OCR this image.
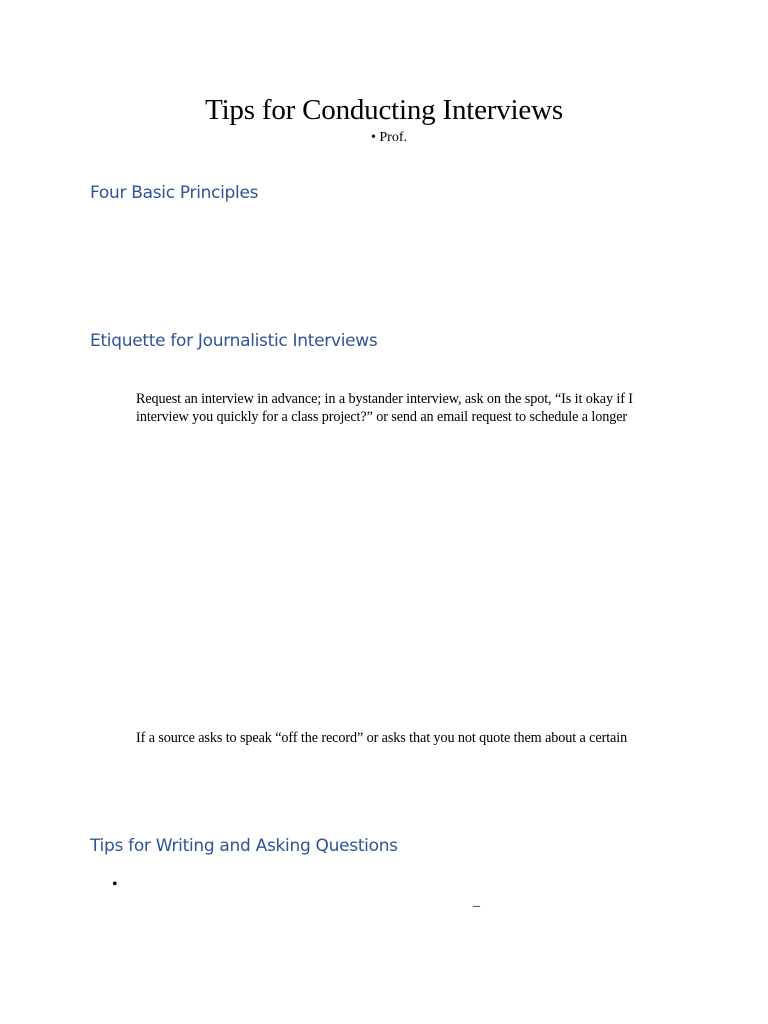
Tips for Conducting Interviews
• Prof.
Four Basic Principles
Etiquette for Journalistic Interviews

Request an interview in advance; in a bystander interview, ask on the spot, “Is it okay if I
interview you quickly for a class project?” or send an email request to schedule a longer

If a source asks to speak “off the record” or asks that you not quote them about a certain

Tips for Writing and Asking Questions
•
_
